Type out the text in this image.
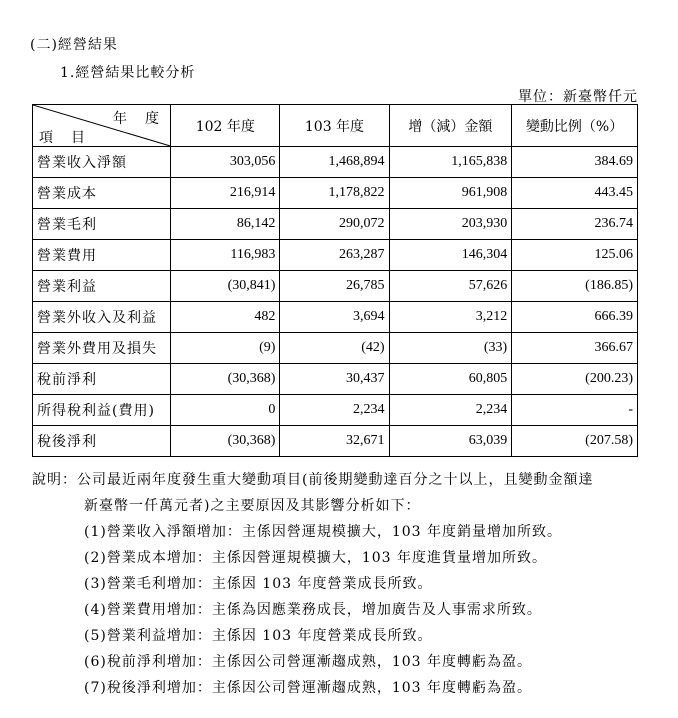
(二)經營結果
1.經營結果比較分析
單位：新臺幣仟元
年　度
項　目	102 年度	103 年度	增（減）金額	變動比例（%）
營業收入淨額	303,056	1,468,894	1,165,838	384.69
營業成本	216,914	1,178,822	961,908	443.45
營業毛利	86,142	290,072	203,930	236.74
營業費用	116,983	263,287	146,304	125.06
營業利益	(30,841)	26,785	57,626	(186.85)
營業外收入及利益	482	3,694	3,212	666.39
營業外費用及損失	(9)	(42)	(33)	366.67
稅前淨利	(30,368)	30,437	60,805	(200.23)
所得稅利益(費用)	0	2,234	2,234	-
稅後淨利	(30,368)	32,671	63,039	(207.58)
說明：公司最近兩年度發生重大變動項目(前後期變動達百分之十以上，且變動金額達
新臺幣一仟萬元者)之主要原因及其影響分析如下：
(1)營業收入淨額增加：主係因營運規模擴大，103 年度銷量增加所致。
(2)營業成本增加：主係因營運規模擴大，103 年度進貨量增加所致。
(3)營業毛利增加：主係因 103 年度營業成長所致。
(4)營業費用增加：主係為因應業務成長，增加廣告及人事需求所致。
(5)營業利益增加：主係因 103 年度營業成長所致。
(6)稅前淨利增加：主係因公司營運漸趨成熟，103 年度轉虧為盈。
(7)稅後淨利增加：主係因公司營運漸趨成熟，103 年度轉虧為盈。
